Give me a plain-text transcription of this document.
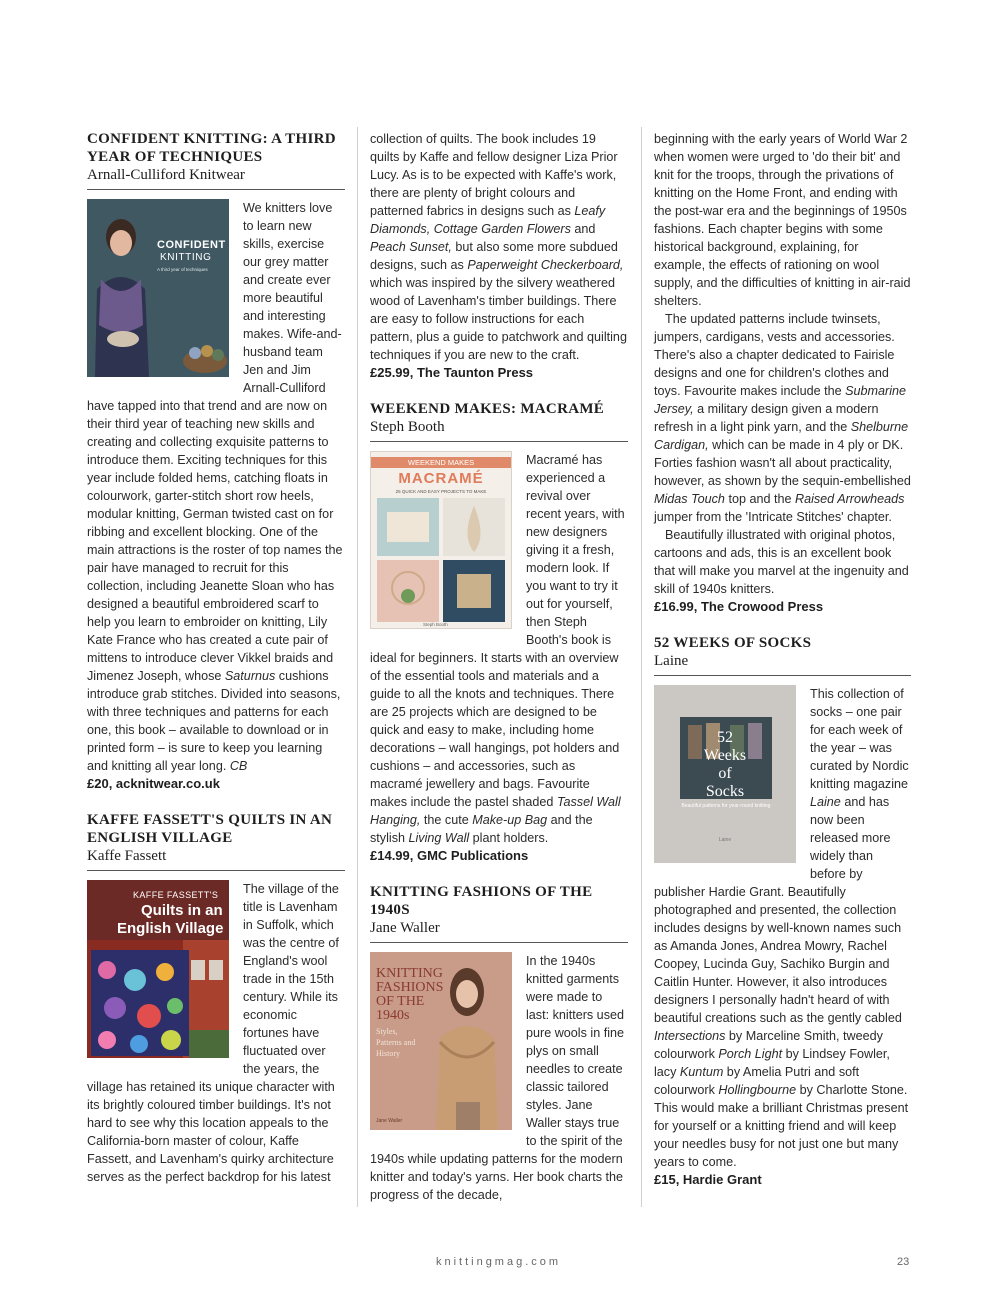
CONFIDENT KNITTING: A THIRD YEAR OF TECHNIQUES
Arnall-Culliford Knitwear
CONFIDENT
KNITTING
A third year of techniques

We knitters love to learn new skills, exercise our grey matter and create ever more beautiful and interesting makes. Wife-and-husband team Jen and Jim Arnall-Culliford have tapped into that trend and are now on their third year of teaching new skills and creating and collecting exquisite patterns to introduce them. Exciting techniques for this year include folded hems, catching floats in colourwork, garter-stitch short row heels, modular knitting, German twisted cast on for ribbing and excellent blocking. One of the main attractions is the roster of top names the pair have managed to recruit for this collection, including Jeanette Sloan who has designed a beautiful embroidered scarf to help you learn to embroider on knitting, Lily Kate France who has created a cute pair of mittens to introduce clever Vikkel braids and Jimenez Joseph, whose Saturnus cushions introduce grab stitches. Divided into seasons, with three techniques and patterns for each one, this book – available to download or in printed form – is sure to keep you learning and knitting all year long. CB

£20, acknitwear.co.uk

KAFFE FASSETT'S QUILTS IN AN ENGLISH VILLAGE
Kaffe Fassett
KAFFE FASSETT'S
Quilts in an
English Village

The village of the title is Lavenham in Suffolk, which was the centre of England's wool trade in the 15th century. While its economic fortunes have fluctuated over the years, the village has retained its unique character with its brightly coloured timber buildings. It's not hard to see why this location appeals to the California-born master of colour, Kaffe Fassett, and Lavenham's quirky architecture serves as the perfect backdrop for his latest

collection of quilts. The book includes 19 quilts by Kaffe and fellow designer Liza Prior Lucy. As is to be expected with Kaffe's work, there are plenty of bright colours and patterned fabrics in designs such as Leafy Diamonds, Cottage Garden Flowers and Peach Sunset, but also some more subdued designs, such as Paperweight Checkerboard, which was inspired by the silvery weathered wood of Lavenham's timber buildings. There are easy to follow instructions for each pattern, plus a guide to patchwork and quilting techniques if you are new to the craft.

£25.99, The Taunton Press

WEEKEND MAKES: MACRAMÉ
Steph Booth
WEEKEND MAKES
MACRAMÉ
25 QUICK AND EASY PROJECTS TO MAKE
Steph Booth

Macramé has experienced a revival over recent years, with new designers giving it a fresh, modern look. If you want to try it out for yourself, then Steph Booth's book is ideal for beginners. It starts with an overview of the essential tools and materials and a guide to all the knots and techniques. There are 25 projects which are designed to be quick and easy to make, including home decorations – wall hangings, pot holders and cushions – and accessories, such as macramé jewellery and bags. Favourite makes include the pastel shaded Tassel Wall Hanging, the cute Make-up Bag and the stylish Living Wall plant holders.

£14.99, GMC Publications

KNITTING FASHIONS OF THE 1940S
Jane Waller
KNITTING
FASHIONS
OF THE
1940s
Styles, Patterns and History
Jane Waller

In the 1940s knitted garments were made to last: knitters used pure wools in fine plys on small needles to create classic tailored styles. Jane Waller stays true to the spirit of the 1940s while updating patterns for the modern knitter and today's yarns. Her book charts the progress of the decade,

beginning with the early years of World War 2 when women were urged to 'do their bit' and knit for the troops, through the privations of knitting on the Home Front, and ending with the post-war era and the beginnings of 1950s fashions. Each chapter begins with some historical background, explaining, for example, the effects of rationing on wool supply, and the difficulties of knitting in air-raid shelters.

The updated patterns include twinsets, jumpers, cardigans, vests and accessories. There's also a chapter dedicated to Fairisle designs and one for children's clothes and toys. Favourite makes include the Submarine Jersey, a military design given a modern refresh in a light pink yarn, and the Shelburne Cardigan, which can be made in 4 ply or DK. Forties fashion wasn't all about practicality, however, as shown by the sequin-embellished Midas Touch top and the Raised Arrowheads jumper from the 'Intricate Stitches' chapter.

Beautifully illustrated with original photos, cartoons and ads, this is an excellent book that will make you marvel at the ingenuity and skill of 1940s knitters.

£16.99, The Crowood Press

52 WEEKS OF SOCKS
Laine
52
Weeks
of
Socks
Beautiful patterns for year-round knitting
Laine

This collection of socks – one pair for each week of the year – was curated by Nordic knitting magazine Laine and has now been released more widely than before by publisher Hardie Grant. Beautifully photographed and presented, the collection includes designs by well-known names such as Amanda Jones, Andrea Mowry, Rachel Coopey, Lucinda Guy, Sachiko Burgin and Caitlin Hunter. However, it also introduces designers I personally hadn't heard of with beautiful creations such as the gently cabled Intersections by Marceline Smith, tweedy colourwork Porch Light by Lindsey Fowler, lacy Kuntum by Amelia Putri and soft colourwork Hollingbourne by Charlotte Stone. This would make a brilliant Christmas present for yourself or a knitting friend and will keep your needles busy for not just one but many years to come.

£15, Hardie Grant

knittingmag.com	23
